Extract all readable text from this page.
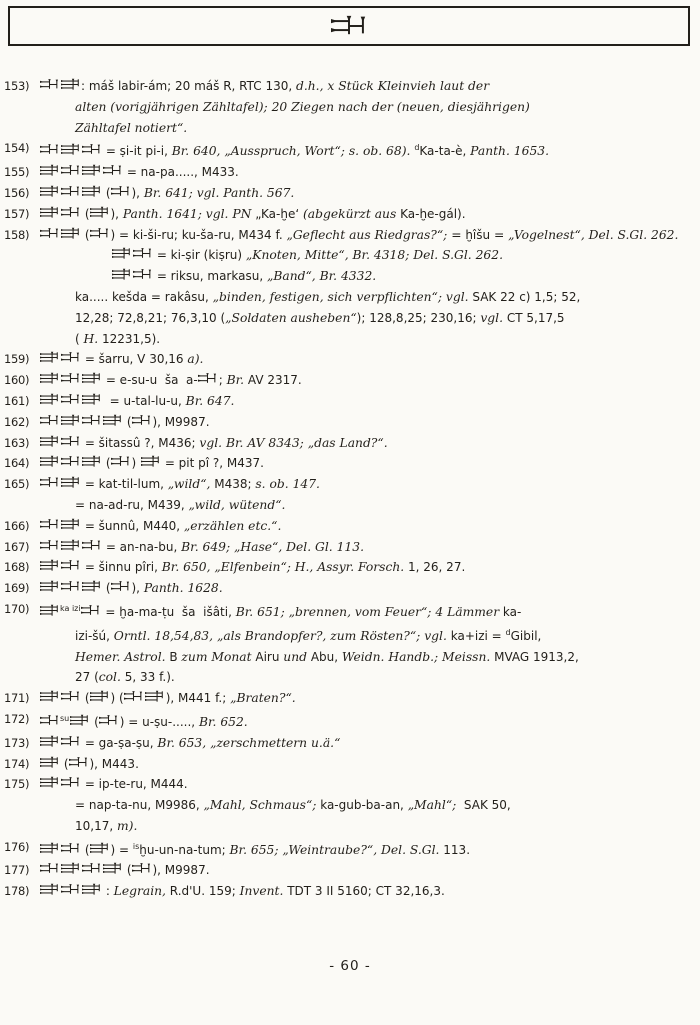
153)	: máš labir-ám; 20 máš R, RTC 130, d.h., x Stück Kleinvieh laut der
alten (vorigjährigen Zähltafel); 20 Ziegen nach der (neuen, diesjährigen)
Zähltafel notiert“.
154)	= ṣi-it pi-i, Br. 640, „Ausspruch, Wort“; s. ob. 68). $^d$Ka-ta-è, Panth. 1653.
155)	= na-pa....., M433.
156)	( ), Br. 641; vgl. Panth. 567.
157)	( ), Panth. 1641; vgl. PN „Ka-ḫe‘ (abgekürzt aus Ka-ḫe-gál).
158)	( ) = ki-ši-ru; ku-ša-ru, M434 f. „Geflecht aus Riedgras?“; = ḫîšu = „Vogelnest“, Del. S.Gl. 262.
= ki-ṣir (kiṣru) „Knoten, Mitte“, Br. 4318; Del. S.Gl. 262.
= riksu, markasu, „Band“, Br. 4332.
ka..... kešda = rakâsu, „binden, festigen, sich verpflichten“; vgl. SAK 22 c) 1,5; 52,
12,28; 72,8,21; 76,3,10 („Soldaten ausheben“); 128,8,25; 230,16; vgl. CT 5,17,5
( H. 12231,5).
159)	= šarru, V 30,16 a).
160)	= e-su-u  ša  a- ; Br. AV 2317.
161)	= u-tal-lu-u, Br. 647.
162)	( ), M9987.
163)	= šitassû ?, M436; vgl. Br. AV 8343; „das Land?“.
164)	( )  = pit pî ?, M437.
165)	= kat-til-lum, „wild“, M438; s. ob. 147.
= na-ad-ru, M439, „wild, wütend“.
166)	= šunnû, M440, „erzählen etc.“.
167)	= an-na-bu, Br. 649; „Hase“, Del. Gl. 113.
168)	= šinnu pîri, Br. 650, „Elfenbein“; H., Assyr. Forsch. 1, 26, 27.
169)	( ), Panth. 1628.
170)	$^{ka izi}$ = ḫa-ma-ṭu  ša  išâti, Br. 651; „brennen, vom Feuer“; 4 Lämmer ka-
izi-šú, Orntl. 18,54,83, „als Brandopfer?, zum Rösten?“; vgl. ka+izi = $^d$Gibil,
Hemer. Astrol. B zum Monat Airu und Abu, Weidn. Handb.; Meissn. MVAG 1913,2,
27 (col. 5, 33 f.).
171)	( ) (	), M441 f.; „Braten?“.
172)	$^{su}$ ( ) = u-ṣu-....., Br. 652.
173)	= ga-ṣa-ṣu, Br. 653, „zerschmettern u.ä.“
174)	( ), M443.
175)	= ip-te-ru, M444.
= nap-ta-nu, M9986, „Mahl, Schmaus“; ka-gub-ba-an, „Mahl“;  SAK 50,
10,17, m).
176)	( ) = $^{is}$ḫu-un-na-tum; Br. 655; „Weintraube?“, Del. S.Gl. 113.
177)	( ), M9987.
178)	: Legrain, R.d'U. 159; Invent. TDT 3 II 5160; CT 32,16,3.
- 60 -
